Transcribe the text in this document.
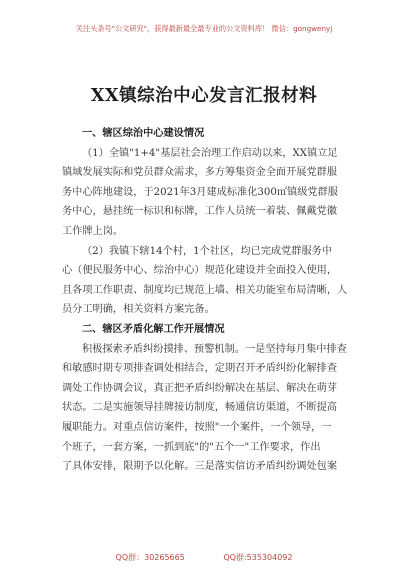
关注头条号"公文研究"，获得最新最全最专业的公文资料库！ 微信：gongwenyj
XX镇综治中心发言汇报材料

一、辖区综治中心建设情况

（1）全镇"1+4"基层社会治理工作启动以来，XX镇立足
镇域发展实际和党员群众需求，多方筹集资金全面开展党群服
务中心阵地建设，于2021年3月建成标准化300㎡镇级党群服
务中心，悬挂统一标识和标牌，工作人员统一着装、佩戴党徽
工作牌上岗。
（2）我镇下辖14个村，1个社区，均已完成党群服务中
心（便民服务中心、综治中心）规范化建设并全面投入使用，
且各项工作职责、制度均已规范上墙、相关功能室布局清晰，人
员分工明确，相关资料方案完备。

二、辖区矛盾化解工作开展情况

积极探索矛盾纠纷摸排、预警机制。一是坚持每月集中排查
和敏感时期专项排查调处相结合，定期召开矛盾纠纷化解排查
调处工作协调会议，真正把矛盾纠纷解决在基层、解决在萌芽
状态。二是实施领导挂牌接访制度，畅通信访渠道，不断提高
履职能力。对重点信访案件，按照"一个案件，一个领导，一
个班子，一套方案，一抓到底"的"五个一"工作要求，作出
了具体安排，限期予以化解。三是落实信访矛盾纠纷调处包案
QQ群：30265665	QQ群:535304092
